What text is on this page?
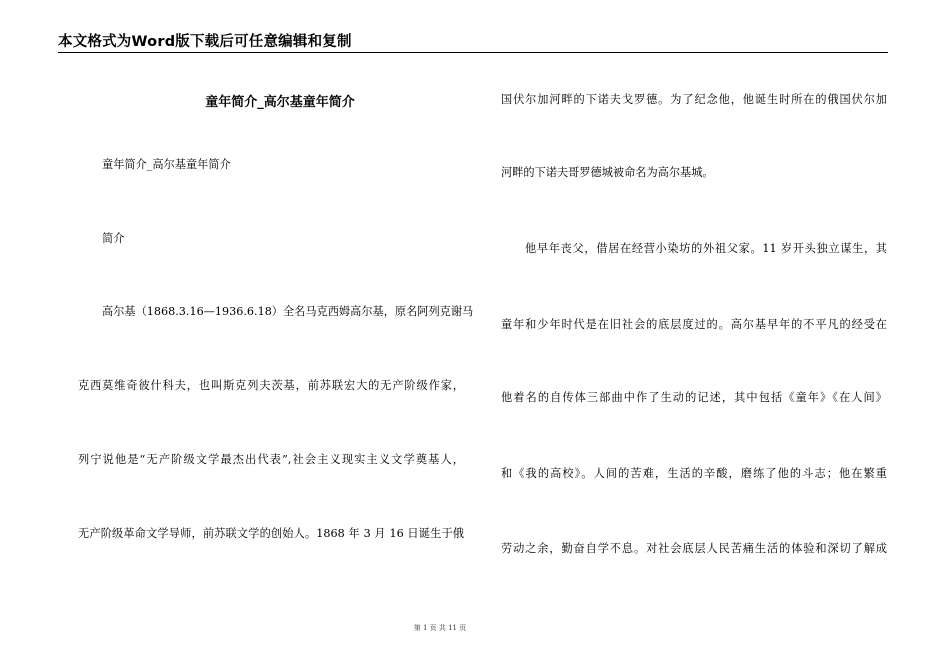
本文格式为Word版下载后可任意编辑和复制
童年简介_高尔基童年简介
童年简介_高尔基童年简介
简介
高尔基（1868.3.16—1936.6.18）全名马克西姆高尔基，原名阿列克谢马
克西莫维奇彼什科夫，也叫斯克列夫茨基，前苏联宏大的无产阶级作家，
列宁说他是“无产阶级文学最杰出代表”,社会主义现实主义文学奠基人，
无产阶级革命文学导师，前苏联文学的创始人。1868 年 3 月 16 日诞生于俄
国伏尔加河畔的下诺夫戈罗德。为了纪念他，他诞生时所在的俄国伏尔加
河畔的下诺夫哥罗德城被命名为高尔基城。
他早年丧父，借居在经营小染坊的外祖父家。11 岁开头独立谋生，其
童年和少年时代是在旧社会的底层度过的。高尔基早年的不平凡的经受在
他着名的自传体三部曲中作了生动的记述，其中包括《童年》《在人间》
和《我的高校》。人间的苦难，生活的辛酸，磨练了他的斗志；他在繁重
劳动之余，勤奋自学不息。对社会底层人民苦痛生活的体验和深切了解成
第 1 页 共 11 页
